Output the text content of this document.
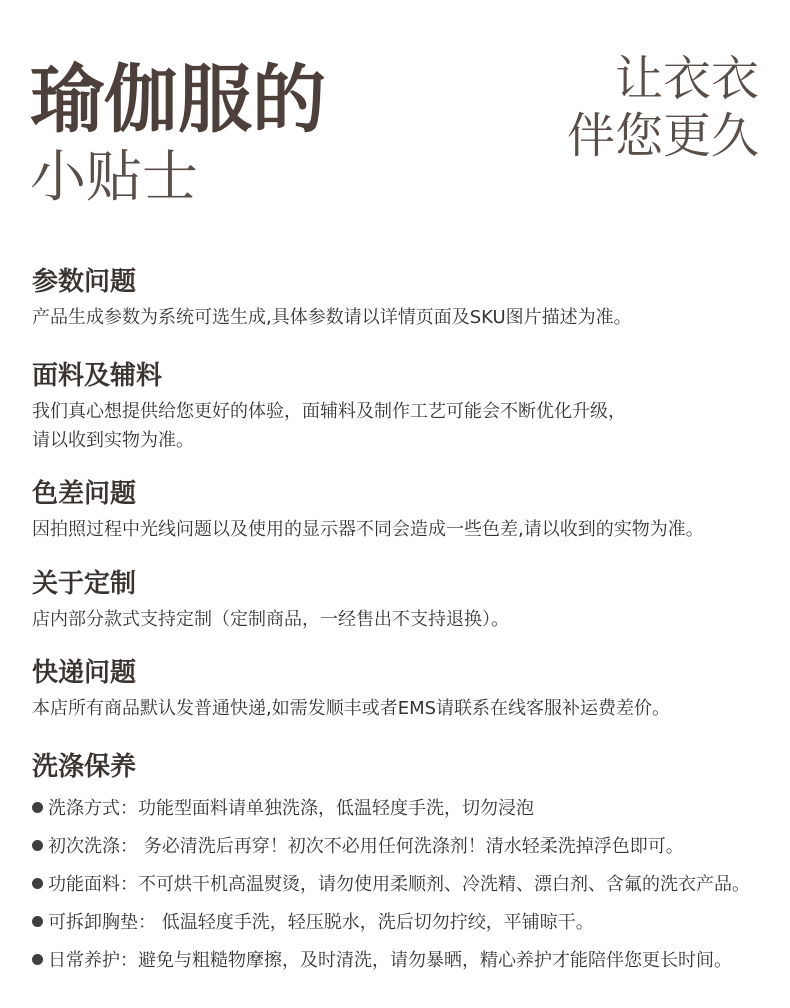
瑜伽服的
小贴士
让衣衣
伴您更久
参数问题

产品生成参数为系统可选生成,具体参数请以详情页面及SKU图片描述为准。

面料及辅料

我们真心想提供给您更好的体验，面辅料及制作工艺可能会不断优化升级，

请以收到实物为准。

色差问题

因拍照过程中光线问题以及使用的显示器不同会造成一些色差,请以收到的实物为准。

关于定制

店内部分款式支持定制（定制商品，一经售出不支持退换）。

快递问题

本店所有商品默认发普通快递,如需发顺丰或者EMS请联系在线客服补运费差价。

洗涤保养
洗涤方式：功能型面料请单独洗涤，低温轻度手洗，切勿浸泡
初次洗涤： 务必清洗后再穿！初次不必用任何洗涤剂！清水轻柔洗掉浮色即可。
功能面料：不可烘干机高温熨烫，请勿使用柔顺剂、冷洗精、漂白剂、含氟的洗衣产品。
可拆卸胸垫： 低温轻度手洗，轻压脱水，洗后切勿拧绞，平铺晾干。
日常养护：避免与粗糙物摩擦，及时清洗，请勿暴晒，精心养护才能陪伴您更长时间。
